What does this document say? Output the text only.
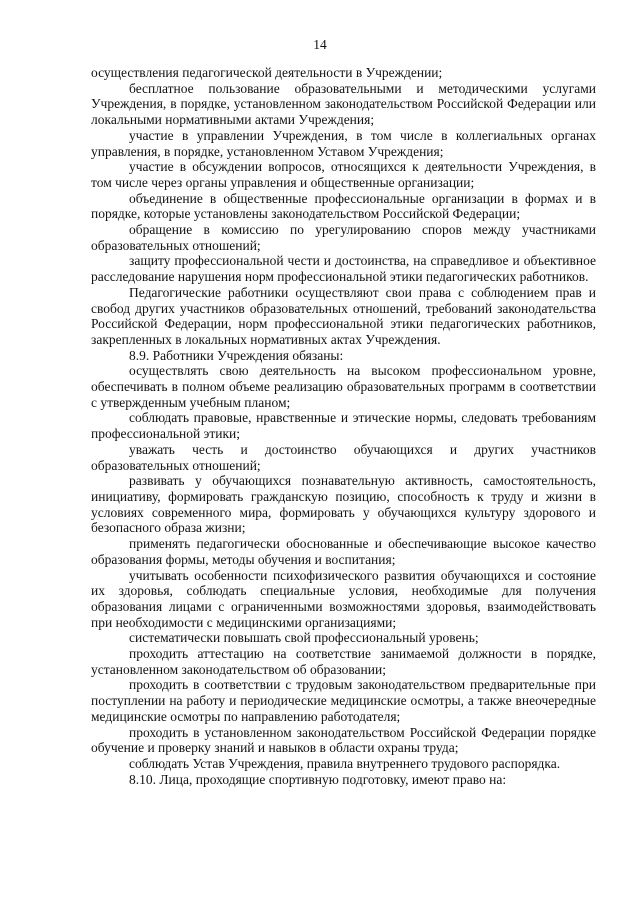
14

осуществления педагогической деятельности в Учреждении;

бесплатное пользование образовательными и методическими услугами Учреждения, в порядке, установленном законодательством Российской Федерации или локальными нормативными актами Учреждения;

участие в управлении Учреждения, в том числе в коллегиальных органах управления, в порядке, установленном Уставом Учреждения;

участие в обсуждении вопросов, относящихся к деятельности Учреждения, в том числе через органы управления и общественные организации;

объединение в общественные профессиональные организации в формах и в порядке, которые установлены законодательством Российской Федерации;

обращение в комиссию по урегулированию споров между участниками образовательных отношений;

защиту профессиональной чести и достоинства, на справедливое и объективное расследование нарушения норм профессиональной этики педагогических работников.

Педагогические работники осуществляют свои права с соблюдением прав и свобод других участников образовательных отношений, требований законодательства Российской Федерации, норм профессиональной этики педагогических работников, закрепленных в локальных нормативных актах Учреждения.

8.9. Работники Учреждения обязаны:

осуществлять свою деятельность на высоком профессиональном уровне, обеспечивать в полном объеме реализацию образовательных программ в соответствии с утвержденным учебным планом;

соблюдать правовые, нравственные и этические нормы, следовать требованиям профессиональной этики;

уважать честь и достоинство обучающихся и других участников образовательных отношений;

развивать у обучающихся познавательную активность, самостоятельность, инициативу, формировать гражданскую позицию, способность к труду и жизни в условиях современного мира, формировать у обучающихся культуру здорового и безопасного образа жизни;

применять педагогически обоснованные и обеспечивающие высокое качество образования формы, методы обучения и воспитания;

учитывать особенности психофизического развития обучающихся и состояние их здоровья, соблюдать специальные условия, необходимые для получения образования лицами с ограниченными возможностями здоровья, взаимодействовать при необходимости с медицинскими организациями;

систематически повышать свой профессиональный уровень;

проходить аттестацию на соответствие занимаемой должности в порядке, установленном законодательством об образовании;

проходить в соответствии с трудовым законодательством предварительные при поступлении на работу и периодические медицинские осмотры, а также внеочередные медицинские осмотры по направлению работодателя;

проходить в установленном законодательством Российской Федерации порядке обучение и проверку знаний и навыков в области охраны труда;

соблюдать Устав Учреждения, правила внутреннего трудового распорядка.

8.10. Лица, проходящие спортивную подготовку, имеют право на:
